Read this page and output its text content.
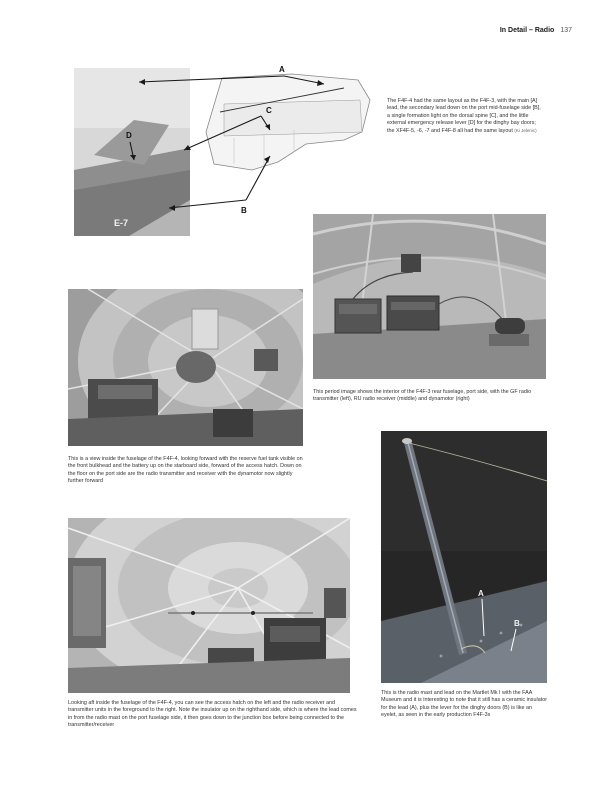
In Detail – Radio 137
E-7
A
B
C
D
The F4F-4 had the same layout as the F4F-3, with the main [A] lead, the secondary lead down on the port mid-fuselage side [B], a single formation light on the dorsal spine [C], and the little external emergency release lever [D] for the dinghy bay doors; the XF4F-5, -6, -7 and F4F-8 all had the same layout (Ki Jelenic)
This period image shows the interior of the F4F-3 rear fuselage, port side, with the GF radio transmitter (left), RU radio receiver (middle) and dynamotor (right)
This is a view inside the fuselage of the F4F-4, looking forward with the reserve fuel tank visible on the front bulkhead and the battery up on the starboard side, forward of the access hatch. Down on the floor on the port side are the radio transmitter and receiver with the dynamotor now slightly further forward
A
B
This is the radio mast and lead on the Martlet Mk I with the FAA Museum and it is interesting to note that it still has a ceramic insulator for the lead (A), plus the lever for the dinghy doors (B) is like an eyelet, as seen in the early production F4F-3s
Looking aft inside the fuselage of the F4F-4, you can see the access hatch on the left and the radio receiver and transmitter units in the foreground to the right. Note the insulator up on the righthand side, which is where the lead comes in from the radio mast on the port fuselage side, it then goes down to the junction box before being connected to the transmitter/receiver
